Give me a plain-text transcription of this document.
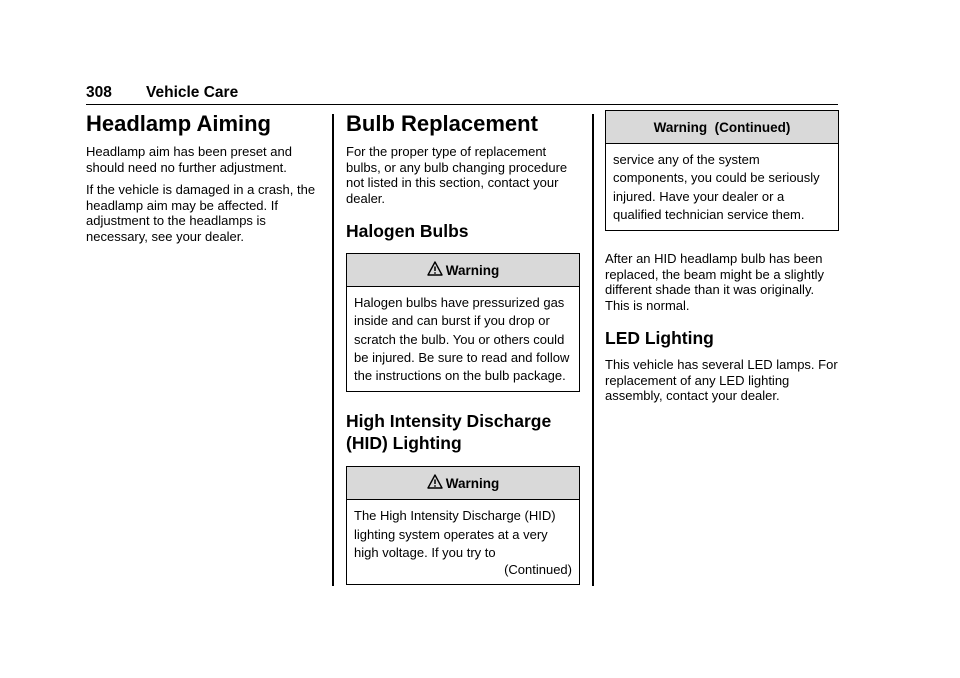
308 Vehicle Care
Headlamp Aiming

Headlamp aim has been preset and should need no further adjustment.

If the vehicle is damaged in a crash, the headlamp aim may be affected. If adjustment to the headlamps is necessary, see your dealer.

Bulb Replacement

For the proper type of replacement bulbs, or any bulb changing procedure not listed in this section, contact your dealer.

Halogen Bulbs
Warning
Halogen bulbs have pressurized gas inside and can burst if you drop or scratch the bulb. You or others could be injured. Be sure to read and follow the instructions on the bulb package.
High Intensity Discharge (HID) Lighting
Warning
The High Intensity Discharge (HID) lighting system operates at a very high voltage. If you try to
(Continued)
Warning  (Continued)
service any of the system components, you could be seriously injured. Have your dealer or a qualified technician service them.

After an HID headlamp bulb has been replaced, the beam might be a slightly different shade than it was originally. This is normal.

LED Lighting

This vehicle has several LED lamps. For replacement of any LED lighting assembly, contact your dealer.
